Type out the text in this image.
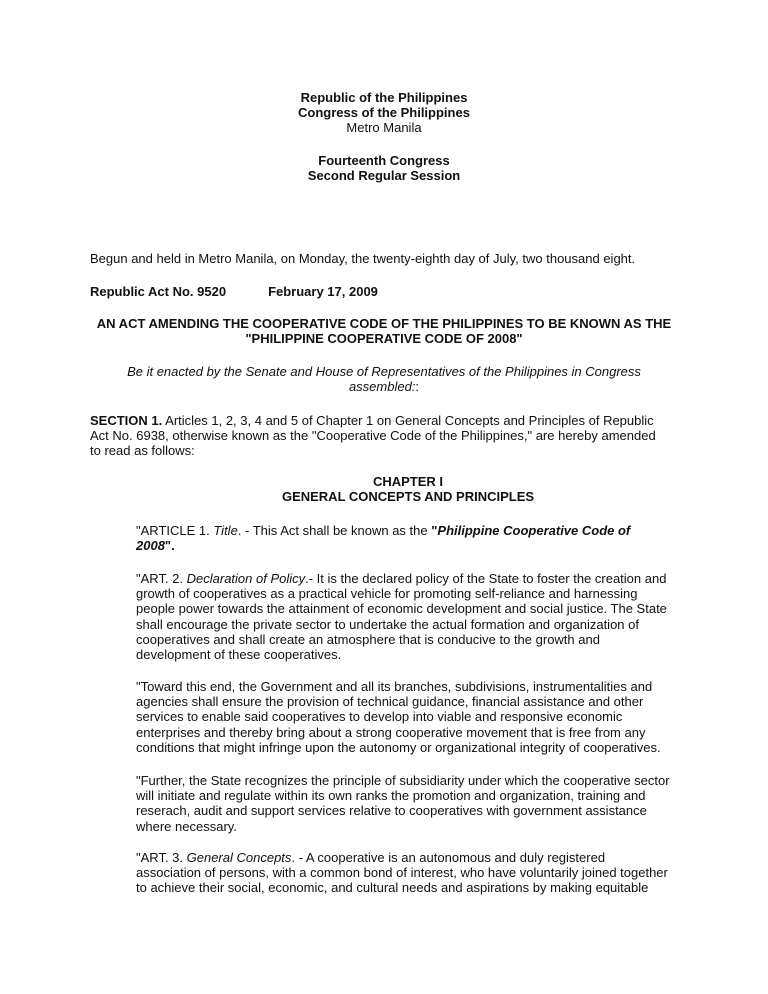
Republic of the Philippines
Congress of the Philippines
Metro Manila
Fourteenth Congress
Second Regular Session
Begun and held in Metro Manila, on Monday, the twenty-eighth day of July, two thousand eight.
Republic Act No. 9520	February 17, 2009
AN ACT AMENDING THE COOPERATIVE CODE OF THE PHILIPPINES TO BE KNOWN AS THE
"PHILIPPINE COOPERATIVE CODE OF 2008"
Be it enacted by the Senate and House of Representatives of the Philippines in Congress
assembled::
SECTION 1. Articles 1, 2, 3, 4 and 5 of Chapter 1 on General Concepts and Principles of Republic
Act No. 6938, otherwise known as the "Cooperative Code of the Philippines," are hereby amended
to read as follows:
CHAPTER I
GENERAL CONCEPTS AND PRINCIPLES
"ARTICLE 1. Title. - This Act shall be known as the "Philippine Cooperative Code of
2008".
"ART. 2. Declaration of Policy.- It is the declared policy of the State to foster the creation and
growth of cooperatives as a practical vehicle for promoting self-reliance and harnessing
people power towards the attainment of economic development and social justice. The State
shall encourage the private sector to undertake the actual formation and organization of
cooperatives and shall create an atmosphere that is conducive to the growth and
development of these cooperatives.
"Toward this end, the Government and all its branches, subdivisions, instrumentalities and
agencies shall ensure the provision of technical guidance, financial assistance and other
services to enable said cooperatives to develop into viable and responsive economic
enterprises and thereby bring about a strong cooperative movement that is free from any
conditions that might infringe upon the autonomy or organizational integrity of cooperatives.
"Further, the State recognizes the principle of subsidiarity under which the cooperative sector
will initiate and regulate within its own ranks the promotion and organization, training and
reserach, audit and support services relative to cooperatives with government assistance
where necessary.
"ART. 3. General Concepts. - A cooperative is an autonomous and duly registered
association of persons, with a common bond of interest, who have voluntarily joined together
to achieve their social, economic, and cultural needs and aspirations by making equitable
